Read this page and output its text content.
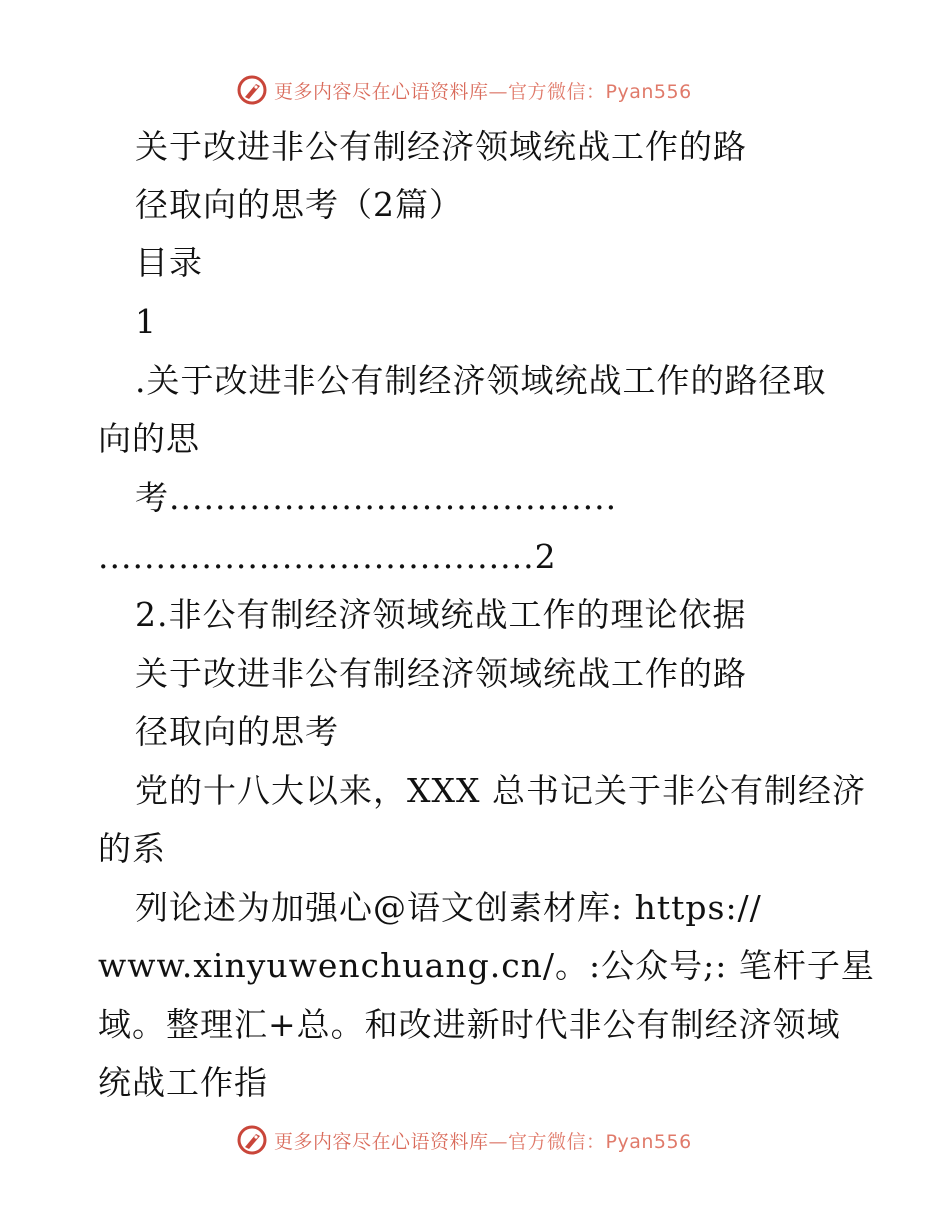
更多内容尽在心语资料库—官方微信：Pyan556
关于改进非公有制经济领域统战工作的路
径取向的思考（2篇）
目录
1
.关于改进非公有制经济领域统战工作的路径取
向的思
考.......................................
......................................2
2.非公有制经济领域统战工作的理论依据
关于改进非公有制经济领域统战工作的路
径取向的思考
党的十八大以来，XXX 总书记关于非公有制经济
的系
列论述为加强心@语文创素材库: https://
www.xinyuwenchuang.cn/。:公众号;: 笔杆子星
域。整理汇+总。和改进新时代非公有制经济领域
统战工作指
更多内容尽在心语资料库—官方微信：Pyan556
